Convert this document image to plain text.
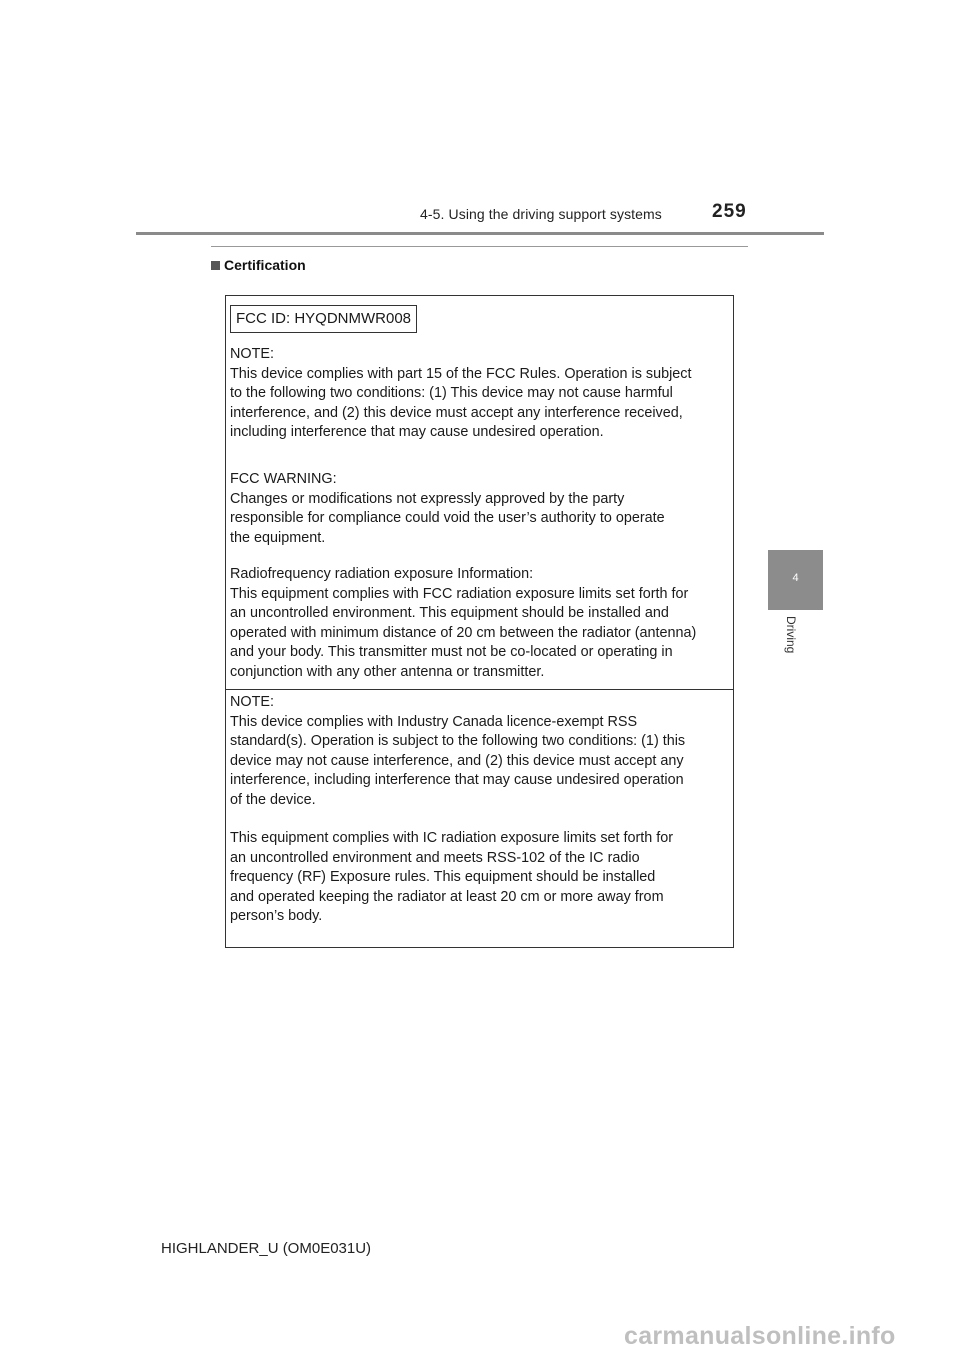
4-5. Using the driving support systems	259
4
Driving
Certification
FCC ID: HYQDNMWR008
NOTE:
This device complies with part 15 of the FCC Rules. Operation is subject
to the following two conditions: (1) This device may not cause harmful
interference, and (2) this device must accept any interference received,
including interference that may cause undesired operation.
FCC WARNING:
Changes or modifications not expressly approved by the party
responsible for compliance could void the user’s authority to operate
the equipment.
Radiofrequency radiation exposure Information:
This equipment complies with FCC radiation exposure limits set forth for
an uncontrolled environment. This equipment should be installed and
operated with minimum distance of 20 cm between the radiator (antenna)
and your body. This transmitter must not be co-located or operating in
conjunction with any other antenna or transmitter.
NOTE:
This device complies with Industry Canada licence-exempt RSS
standard(s). Operation is subject to the following two conditions: (1) this
device may not cause interference, and (2) this device must accept any
interference, including interference that may cause undesired operation
of the device.
This equipment complies with IC radiation exposure limits set forth for
an uncontrolled environment and meets RSS-102 of the IC radio
frequency (RF) Exposure rules. This equipment should be installed
and operated keeping the radiator at least 20 cm or more away from
person’s body.
HIGHLANDER_U (OM0E031U)
carmanualsonline.info
